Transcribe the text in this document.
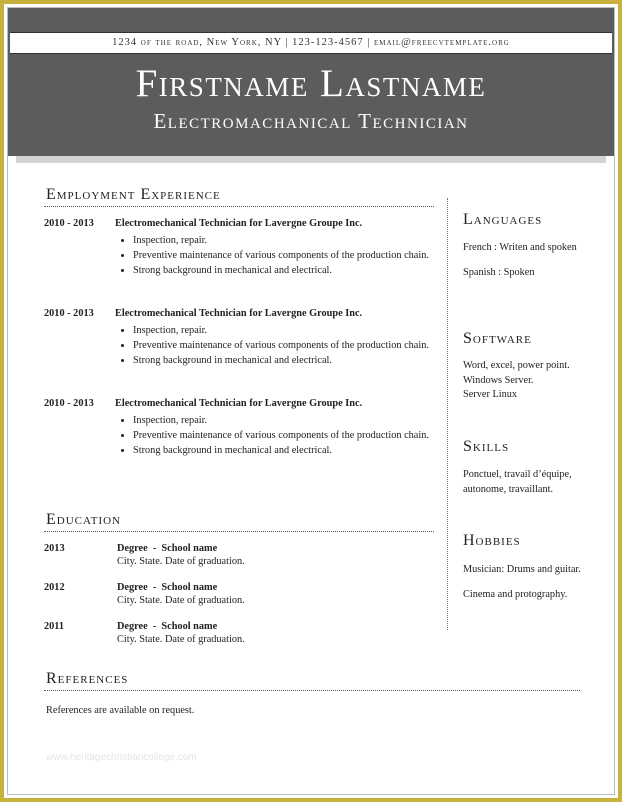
1234 of the road, New York, NY | 123-123-4567 | email@freecvtemplate.org
Firstname Lastname
Electromachanical Technician
Employment Experience
2010 - 2013 Electromechanical Technician for Lavergne Groupe Inc.
• Inspection, repair.
• Preventive maintenance of various components of the production chain.
• Strong background in mechanical and electrical.
2010 - 2013 Electromechanical Technician for Lavergne Groupe Inc.
• Inspection, repair.
• Preventive maintenance of various components of the production chain.
• Strong background in mechanical and electrical.
2010 - 2013 Electromechanical Technician for Lavergne Groupe Inc.
• Inspection, repair.
• Preventive maintenance of various components of the production chain.
• Strong background in mechanical and electrical.
Education
2013	Degree  -  School name
City. State. Date of graduation.
2012	Degree  -  School name
City. State. Date of graduation.
2011	Degree  -  School name
City. State. Date of graduation.
Languages

French : Writen and spoken

Spanish : Spoken

Software

Word, excel, power point.

Windows Server.

Server Linux

Skills

Ponctuel, travail d’équipe, autonome, travaillant.

Hobbies

Musician: Drums and guitar.

Cinema and protography.

References
References are available on request.
www.heritagechristiancollege.com
